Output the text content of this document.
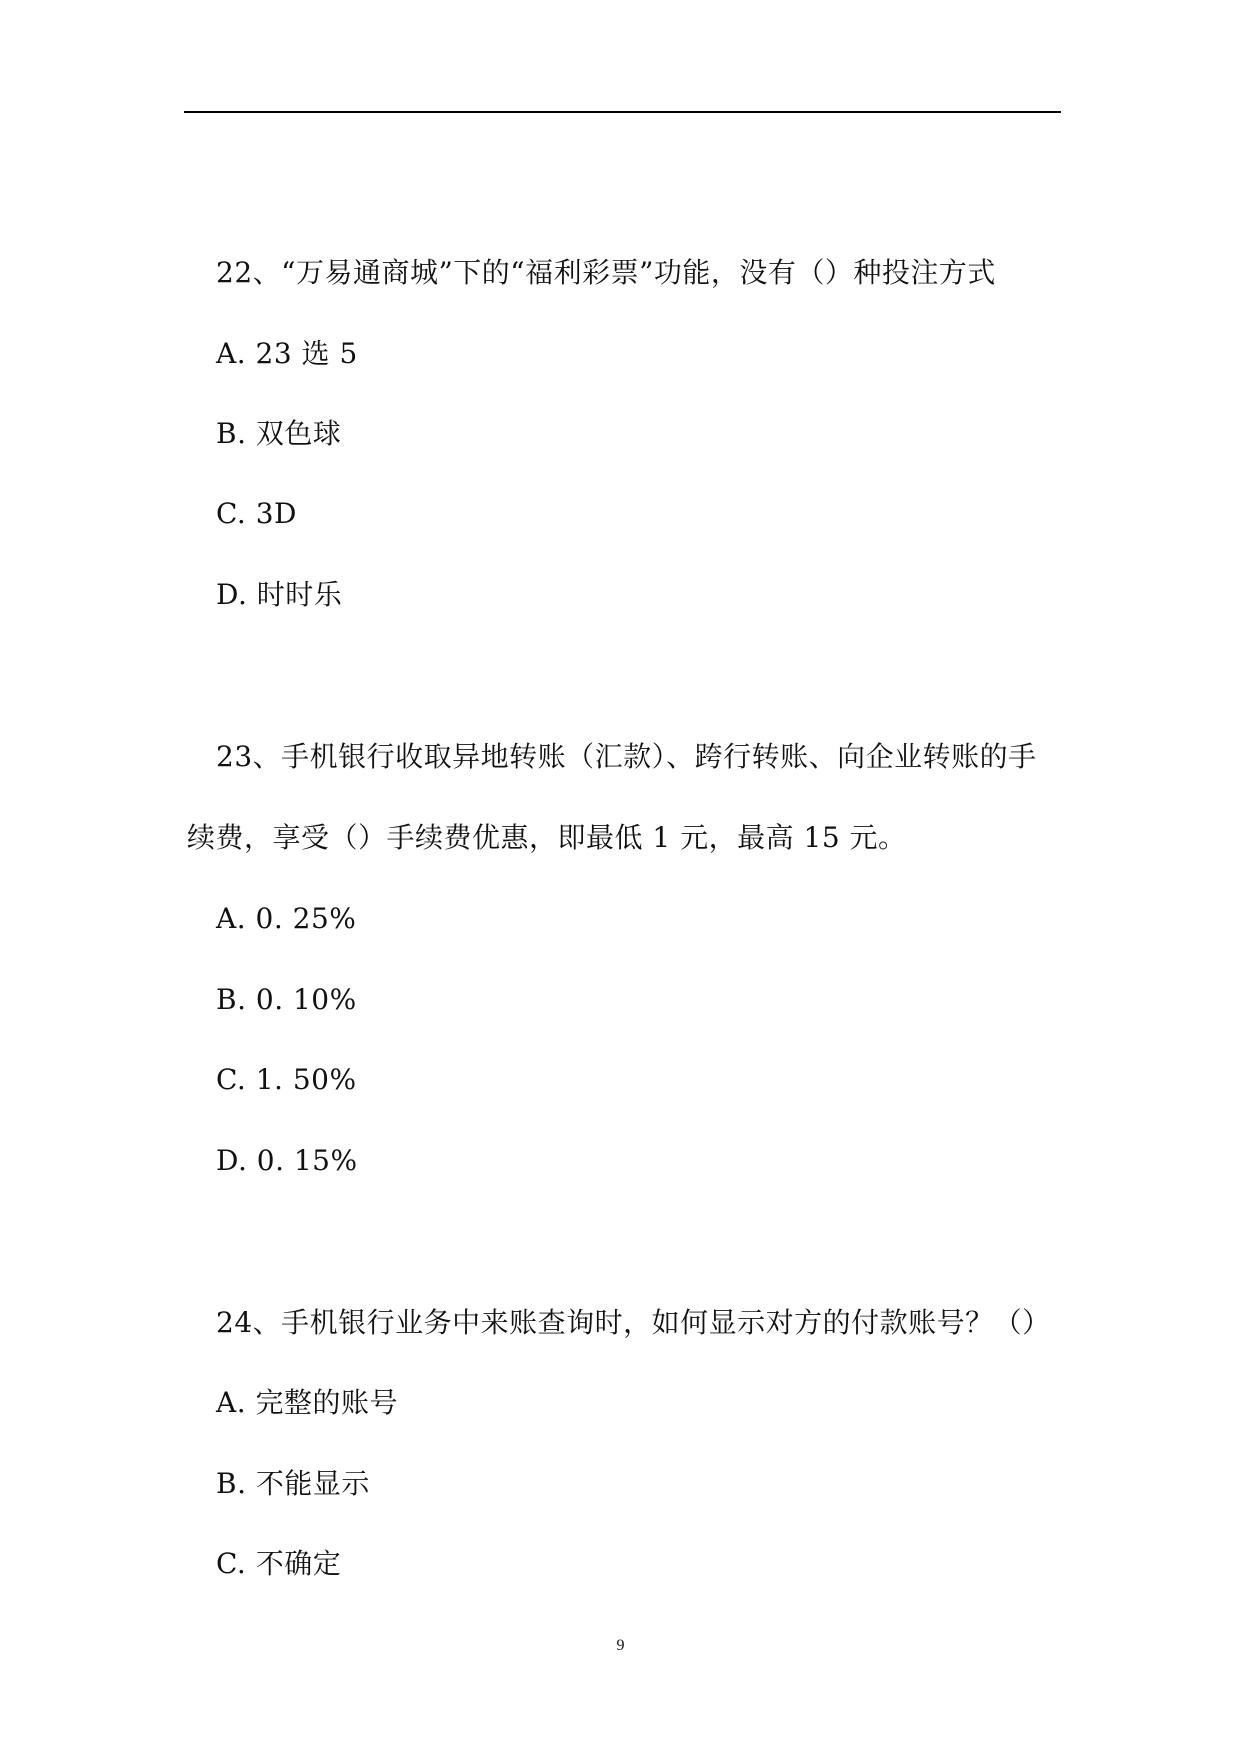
22、“万易通商城”下的“福利彩票”功能，没有（）种投注方式
A. 23 选 5
B. 双色球
C. 3D
D. 时时乐
23、手机银行收取异地转账（汇款）、跨行转账、向企业转账的手
续费，享受（）手续费优惠，即最低 1 元，最高 15 元。
A. 0. 25%
B. 0. 10%
C. 1. 50%
D. 0. 15%
24、手机银行业务中来账查询时，如何显示对方的付款账号？（）
A. 完整的账号
B. 不能显示
C. 不确定
9
